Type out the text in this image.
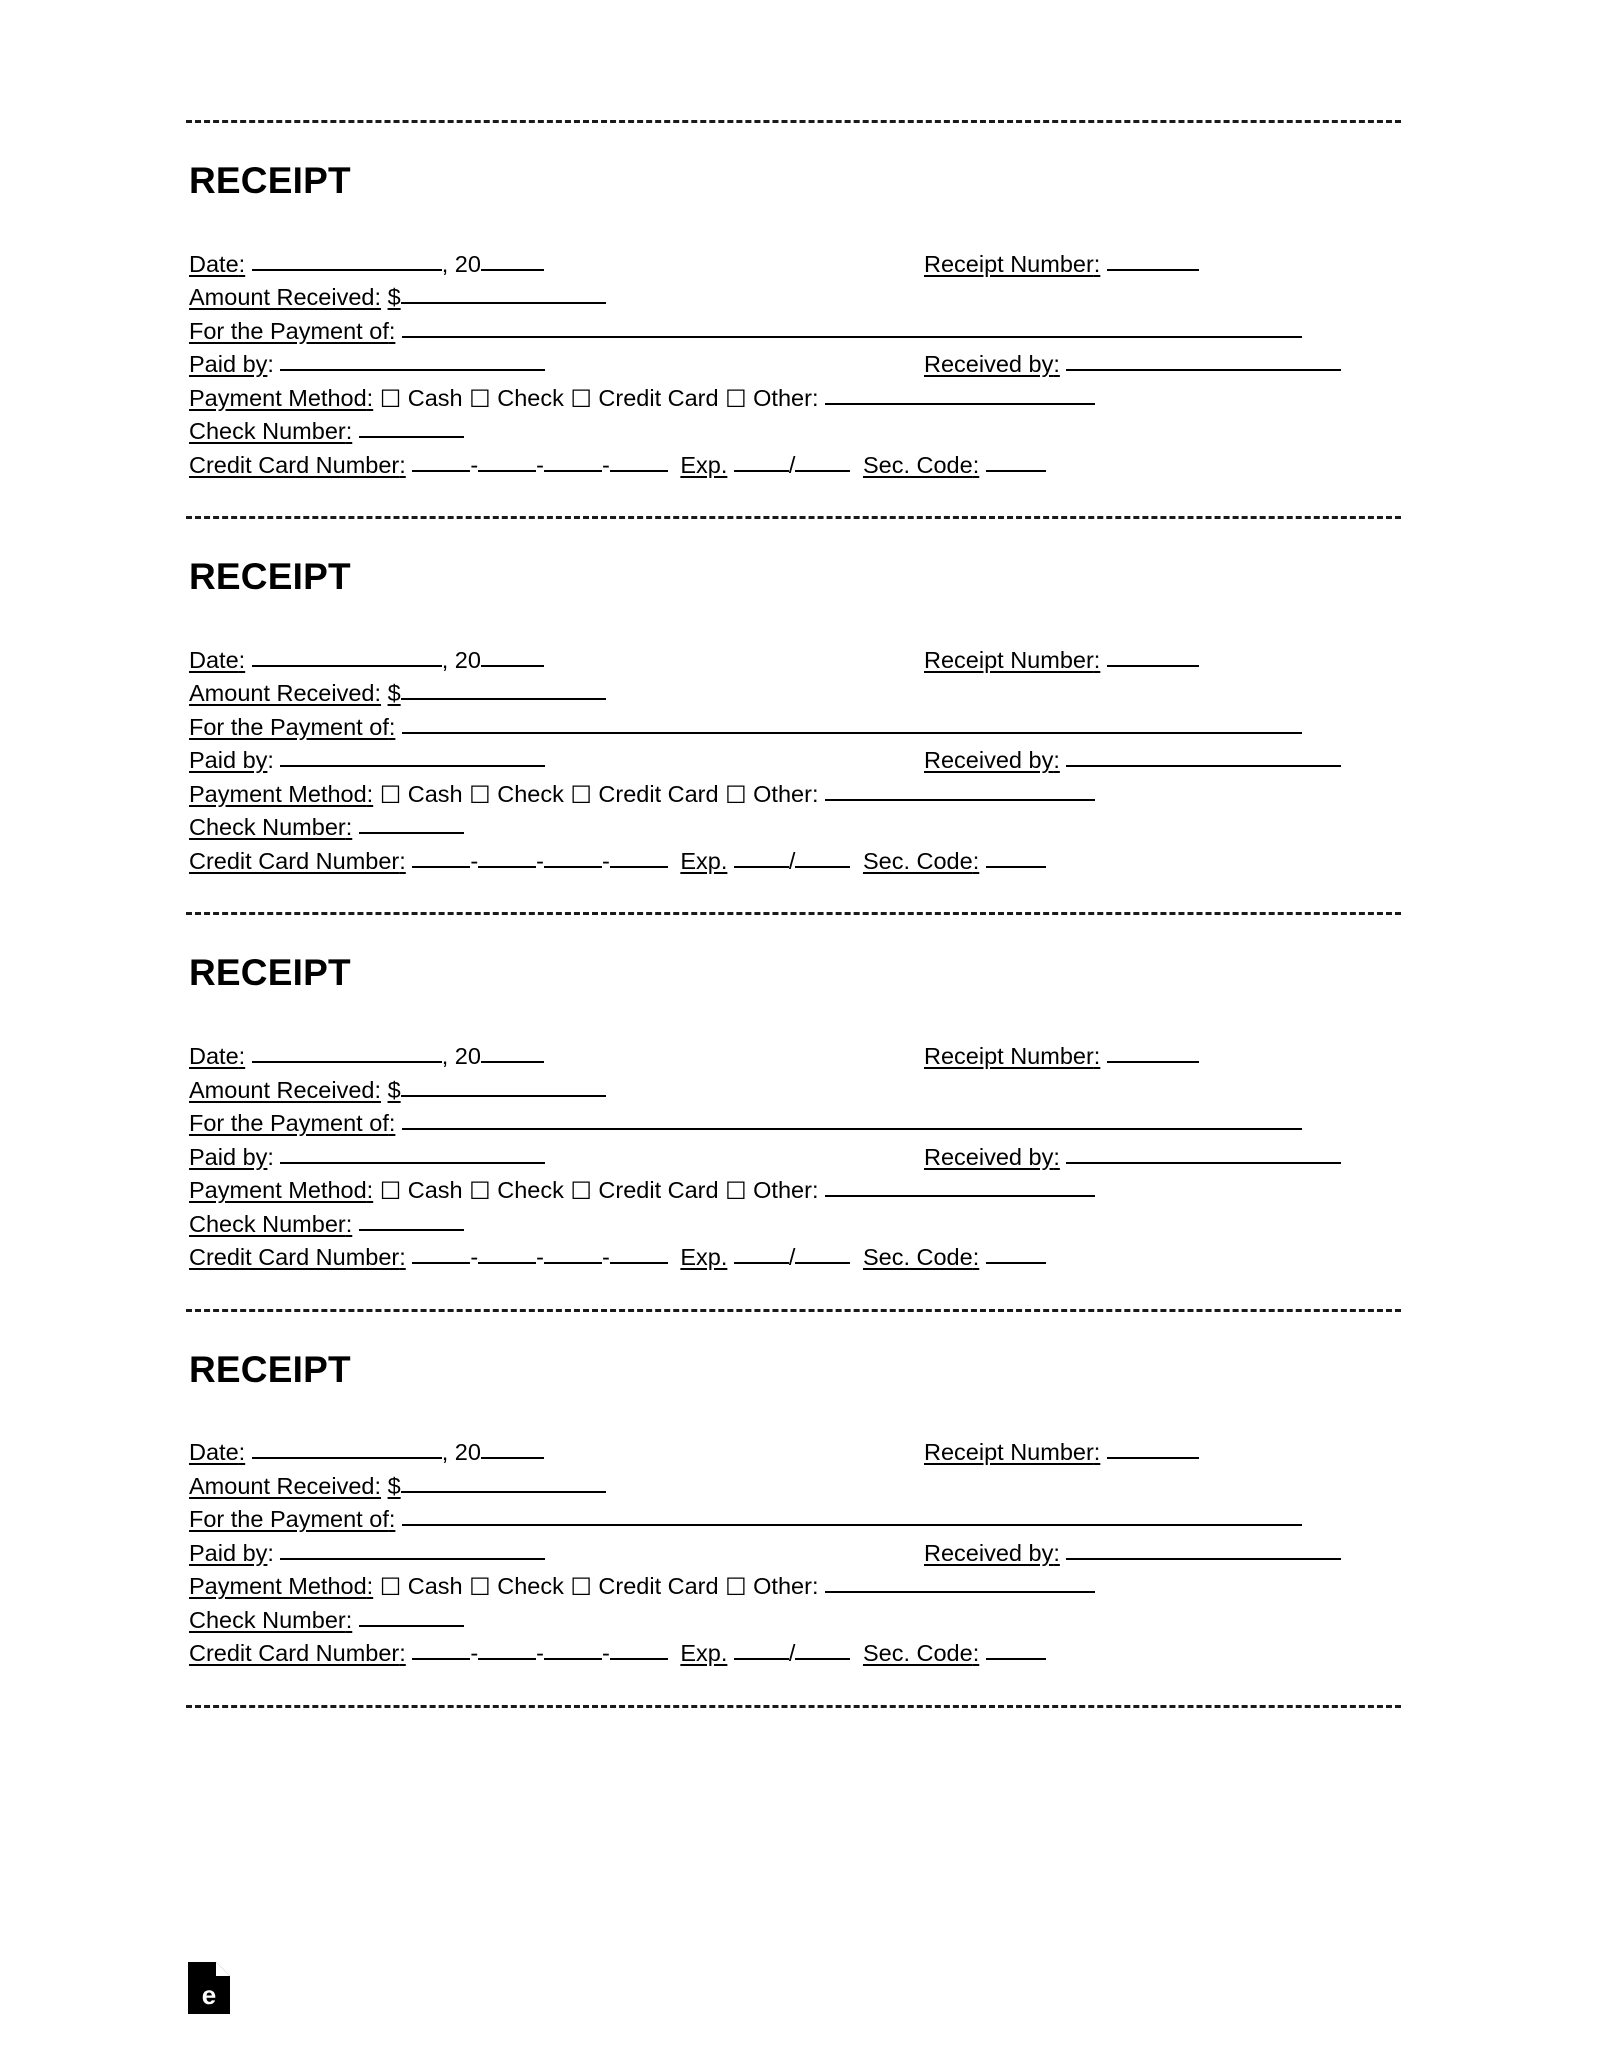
RECEIPT
Date:	, 20	Receipt Number:
Amount Received: $
For the Payment of:
Paid by:	Received by:
Payment Method: ☐ Cash ☐ Check ☐ Credit Card ☐ Other:
Check Number:
Credit Card Number:	- - -	Exp.	/	Sec. Code:
RECEIPT
Date:	, 20	Receipt Number:
Amount Received: $
For the Payment of:
Paid by:	Received by:
Payment Method: ☐ Cash ☐ Check ☐ Credit Card ☐ Other:
Check Number:
Credit Card Number:	- - -	Exp.	/	Sec. Code:
RECEIPT
Date:	, 20	Receipt Number:
Amount Received: $
For the Payment of:
Paid by:	Received by:
Payment Method: ☐ Cash ☐ Check ☐ Credit Card ☐ Other:
Check Number:
Credit Card Number:	- - -	Exp.	/	Sec. Code:
RECEIPT
Date:	, 20	Receipt Number:
Amount Received: $
For the Payment of:
Paid by:	Received by:
Payment Method: ☐ Cash ☐ Check ☐ Credit Card ☐ Other:
Check Number:
Credit Card Number:	- - -	Exp.	/	Sec. Code:
e
